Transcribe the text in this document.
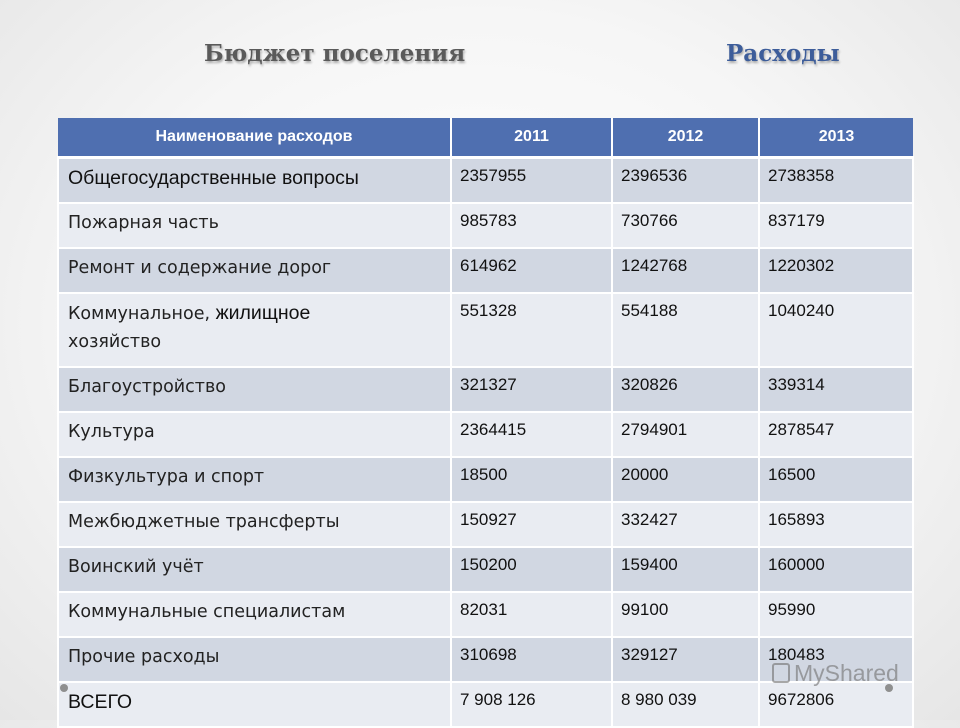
Бюджет поселения	Расходы
Наименование расходов	2011	2012	2013
Общегосударственные вопросы	2357955	2396536	2738358
Пожарная часть	985783	730766	837179
Ремонт и содержание дорог	614962	1242768	1220302
Коммунальное, жилищное
хозяйство	551328	554188	1040240
Благоустройство	321327	320826	339314
Культура	2364415	2794901	2878547
Физкультура и спорт	18500	20000	16500
Межбюджетные трансферты	150927	332427	165893
Воинский учёт	150200	159400	160000
Коммунальные специалистам	82031	99100	95990
Прочие расходы	310698	329127	180483
ВСЕГО	7 908 126	8 980 039	9672806
MyShared
